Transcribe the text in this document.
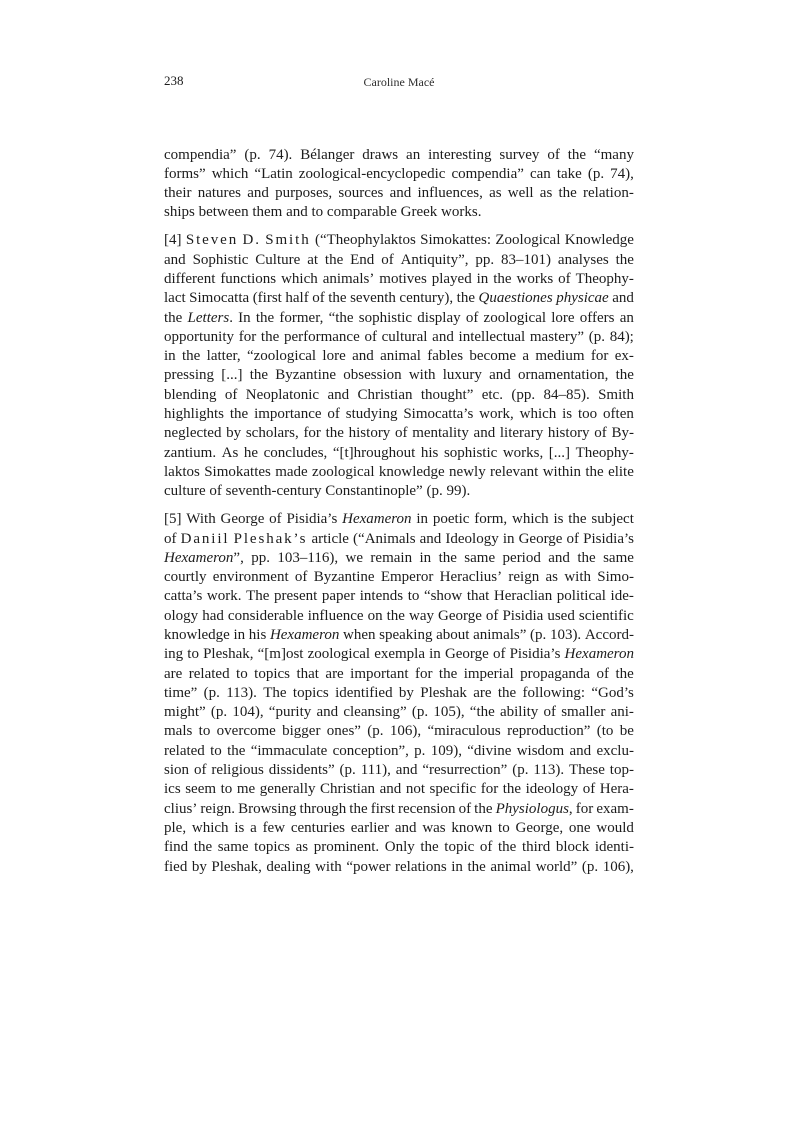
238	Caroline Macé
compendia” (p. 74). Bélanger draws an interesting survey of the “many
forms” which “Latin zoological-encyclopedic compendia” can take (p. 74),
their natures and purposes, sources and influences, as well as the relation-
ships between them and to comparable Greek works.
[4] Steven D. Smith (“Theophylaktos Simokattes: Zoological Knowledge
and Sophistic Culture at the End of Antiquity”, pp. 83–101) analyses the
different functions which animals’ motives played in the works of Theophy-
lact Simocatta (first half of the seventh century), the Quaestiones physicae and
the Letters. In the former, “the sophistic display of zoological lore offers an
opportunity for the performance of cultural and intellectual mastery” (p. 84);
in the latter, “zoological lore and animal fables become a medium for ex-
pressing [...] the Byzantine obsession with luxury and ornamentation, the
blending of Neoplatonic and Christian thought” etc. (pp. 84–85). Smith
highlights the importance of studying Simocatta’s work, which is too often
neglected by scholars, for the history of mentality and literary history of By-
zantium. As he concludes, “[t]hroughout his sophistic works, [...] Theophy-
laktos Simokattes made zoological knowledge newly relevant within the elite
culture of seventh-century Constantinople” (p. 99).
[5] With George of Pisidia’s Hexameron in poetic form, which is the subject
of Daniil Pleshak’s article (“Animals and Ideology in George of Pisidia’s
Hexameron”, pp. 103–116), we remain in the same period and the same
courtly environment of Byzantine Emperor Heraclius’ reign as with Simo-
catta’s work. The present paper intends to “show that Heraclian political ide-
ology had considerable influence on the way George of Pisidia used scientific
knowledge in his Hexameron when speaking about animals” (p. 103). Accord-
ing to Pleshak, “[m]ost zoological exempla in George of Pisidia’s Hexameron
are related to topics that are important for the imperial propaganda of the
time” (p. 113). The topics identified by Pleshak are the following: “God’s
might” (p. 104), “purity and cleansing” (p. 105), “the ability of smaller ani-
mals to overcome bigger ones” (p. 106), “miraculous reproduction” (to be
related to the “immaculate conception”, p. 109), “divine wisdom and exclu-
sion of religious dissidents” (p. 111), and “resurrection” (p. 113). These top-
ics seem to me generally Christian and not specific for the ideology of Hera-
clius’ reign. Browsing through the first recension of the Physiologus, for exam-
ple, which is a few centuries earlier and was known to George, one would
find the same topics as prominent. Only the topic of the third block identi-
fied by Pleshak, dealing with “power relations in the animal world” (p. 106),
